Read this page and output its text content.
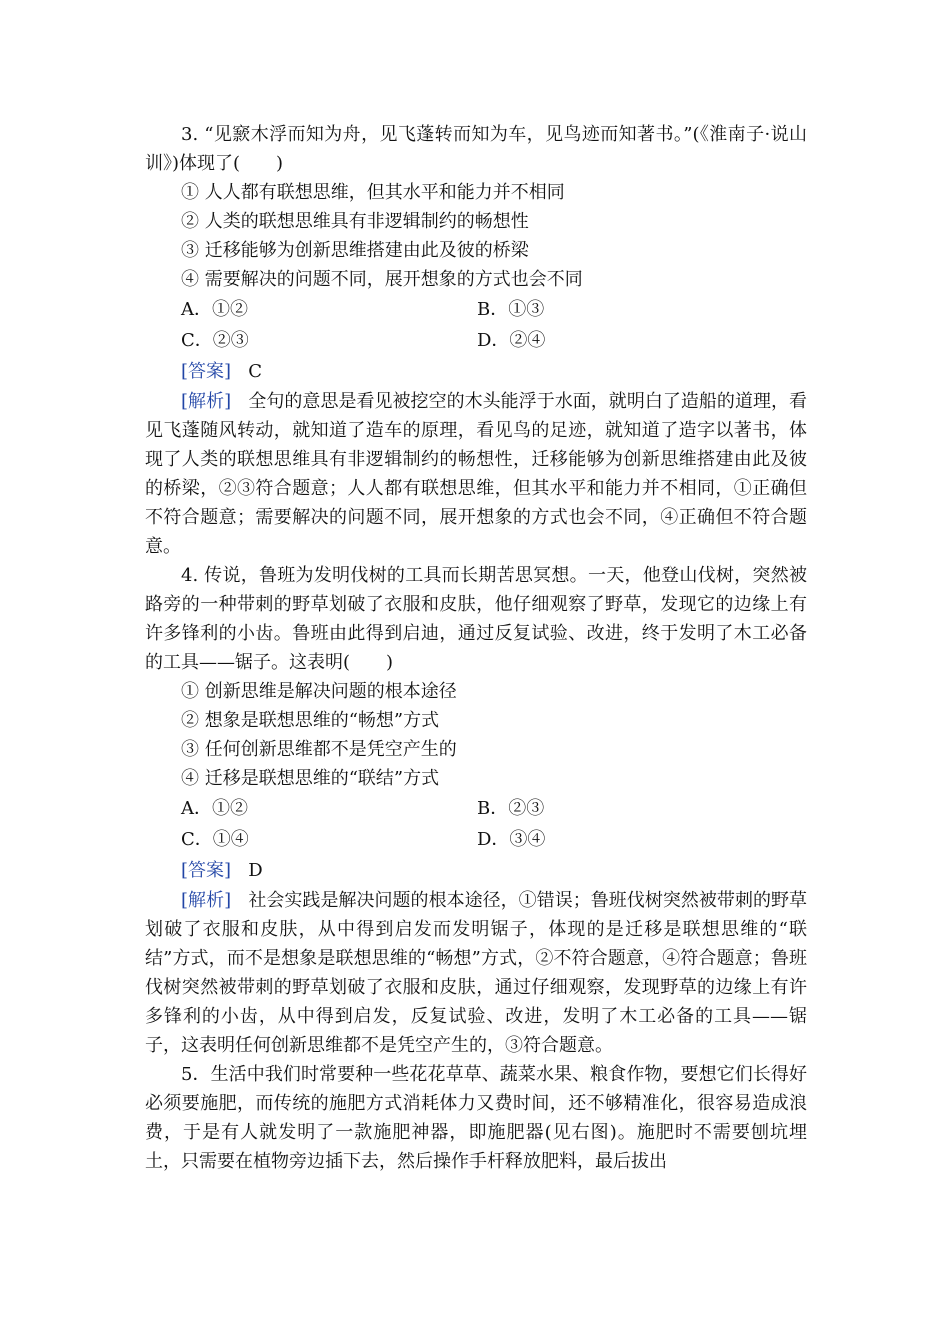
3. “见窾木浮而知为舟，见飞蓬转而知为车，见鸟迹而知著书。”(《淮南子·说山训》)体现了(　　)

① 人人都有联想思维，但其水平和能力并不相同

② 人类的联想思维具有非逻辑制约的畅想性

③ 迁移能够为创新思维搭建由此及彼的桥梁

④ 需要解决的问题不同，展开想象的方式也会不同

A．①②	B．①③
C．②③	D．②④

[答案] C

[解析] 全句的意思是看见被挖空的木头能浮于水面，就明白了造船的道理，看见飞蓬随风转动，就知道了造车的原理，看见鸟的足迹，就知道了造字以著书，体现了人类的联想思维具有非逻辑制约的畅想性，迁移能够为创新思维搭建由此及彼的桥梁，②③符合题意；人人都有联想思维，但其水平和能力并不相同，①正确但不符合题意；需要解决的问题不同，展开想象的方式也会不同，④正确但不符合题意。

4. 传说，鲁班为发明伐树的工具而长期苦思冥想。一天，他登山伐树，突然被路旁的一种带刺的野草划破了衣服和皮肤，他仔细观察了野草，发现它的边缘上有许多锋利的小齿。鲁班由此得到启迪，通过反复试验、改进，终于发明了木工必备的工具——锯子。这表明(　　)

① 创新思维是解决问题的根本途径

② 想象是联想思维的“畅想”方式

③ 任何创新思维都不是凭空产生的

④ 迁移是联想思维的“联结”方式

A．①②	B．②③
C．①④	D．③④

[答案] D

[解析] 社会实践是解决问题的根本途径，①错误；鲁班伐树突然被带刺的野草划破了衣服和皮肤，从中得到启发而发明锯子，体现的是迁移是联想思维的“联结”方式，而不是想象是联想思维的“畅想”方式，②不符合题意，④符合题意；鲁班伐树突然被带刺的野草划破了衣服和皮肤，通过仔细观察，发现野草的边缘上有许多锋利的小齿，从中得到启发，反复试验、改进，发明了木工必备的工具——锯子，这表明任何创新思维都不是凭空产生的，③符合题意。

5．生活中我们时常要种一些花花草草、蔬菜水果、粮食作物，要想它们长得好必须要施肥，而传统的施肥方式消耗体力又费时间，还不够精准化，很容易造成浪费，于是有人就发明了一款施肥神器，即施肥器(见右图)。施肥时不需要刨坑埋土，只需要在植物旁边插下去，然后操作手杆释放肥料，最后拔出
